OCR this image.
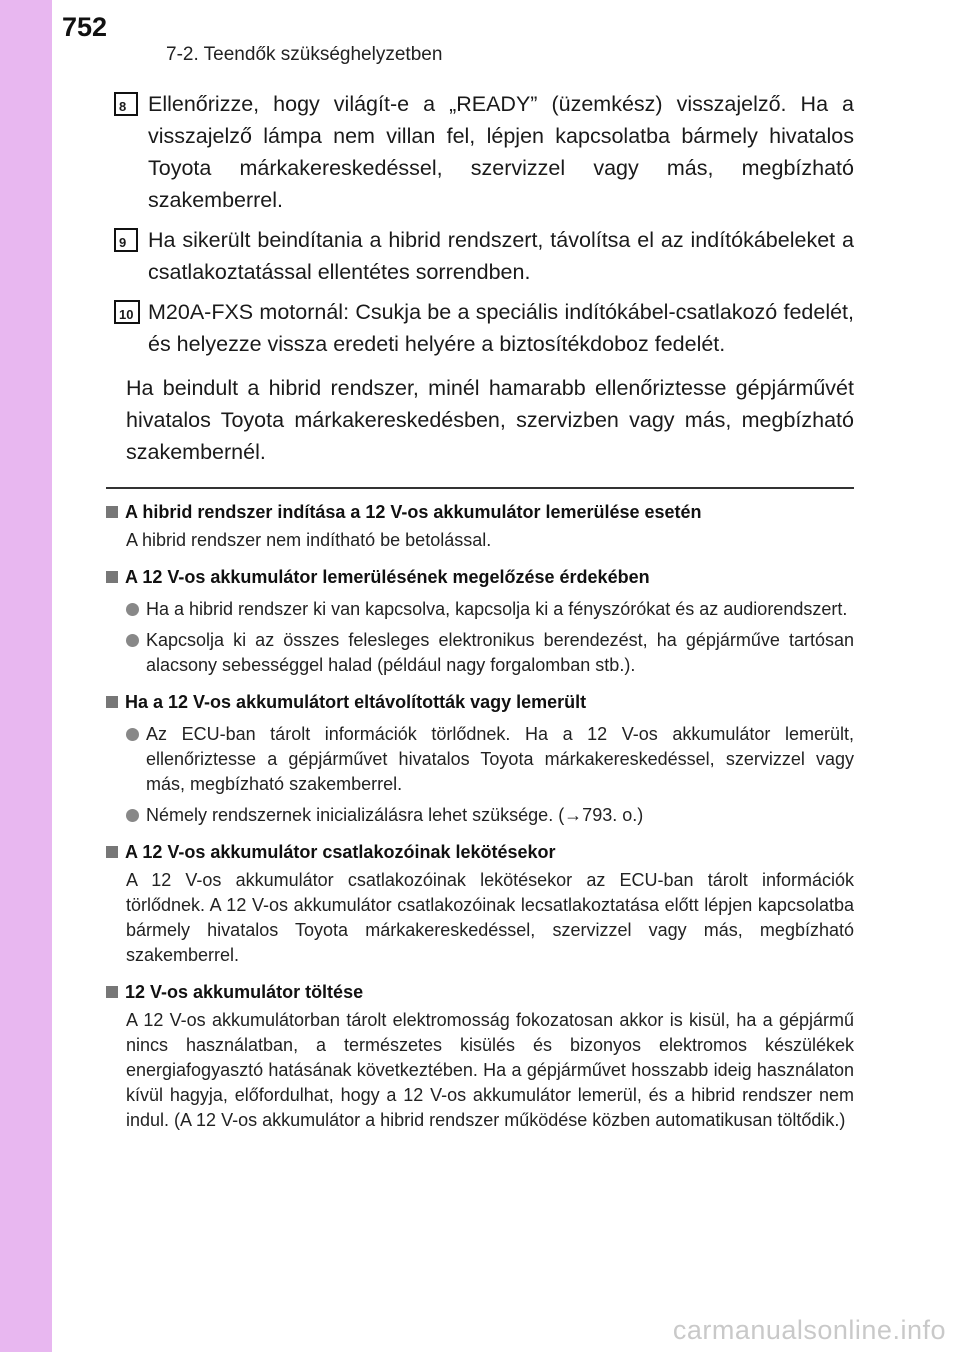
752
7-2. Teendők szükséghelyzetben
8	Ellenőrizze, hogy világít-e a „READY” (üzemkész) visszajelző. Ha a visszajelző lámpa nem villan fel, lépjen kapcsolatba bármely hivatalos Toyota márkakereskedéssel, szervizzel vagy más, megbízható szakemberrel.
9	Ha sikerült beindítania a hibrid rendszert, távolítsa el az indítókábeleket a csatlakoztatással ellentétes sorrendben.
10 M20A-FXS motornál: Csukja be a speciális indítókábel-csatlakozó fedelét, és helyezze vissza eredeti helyére a biztosítékdoboz fedelét.
Ha beindult a hibrid rendszer, minél hamarabb ellenőriztesse gépjárművét hivatalos Toyota márkakereskedésben, szervizben vagy más, megbízható szakembernél.
A hibrid rendszer indítása a 12 V-os akkumulátor lemerülése esetén
A hibrid rendszer nem indítható be betolással.
A 12 V-os akkumulátor lemerülésének megelőzése érdekében
Ha a hibrid rendszer ki van kapcsolva, kapcsolja ki a fényszórókat és az audiorendszert.
Kapcsolja ki az összes felesleges elektronikus berendezést, ha gépjárműve tartósan alacsony sebességgel halad (például nagy forgalomban stb.).
Ha a 12 V-os akkumulátort eltávolították vagy lemerült
Az ECU-ban tárolt információk törlődnek. Ha a 12 V-os akkumulátor lemerült, ellenőriztesse a gépjárművet hivatalos Toyota márkakereskedéssel, szervizzel vagy más, megbízható szakemberrel.
Némely rendszernek inicializálásra lehet szüksége. (→793. o.)
A 12 V-os akkumulátor csatlakozóinak lekötésekor
A 12 V-os akkumulátor csatlakozóinak lekötésekor az ECU-ban tárolt információk törlődnek. A 12 V-os akkumulátor csatlakozóinak lecsatlakoztatása előtt lépjen kapcsolatba bármely hivatalos Toyota márkakereskedéssel, szervizzel vagy más, megbízható szakemberrel.
12 V-os akkumulátor töltése
A 12 V-os akkumulátorban tárolt elektromosság fokozatosan akkor is kisül, ha a gépjármű nincs használatban, a természetes kisülés és bizonyos elektromos készülékek energiafogyasztó hatásának következtében. Ha a gépjárművet hosszabb ideig használaton kívül hagyja, előfordulhat, hogy a 12 V-os akkumulátor lemerül, és a hibrid rendszer nem indul. (A 12 V-os akkumulátor a hibrid rendszer működése közben automatikusan töltődik.)
carmanualsonline.info
